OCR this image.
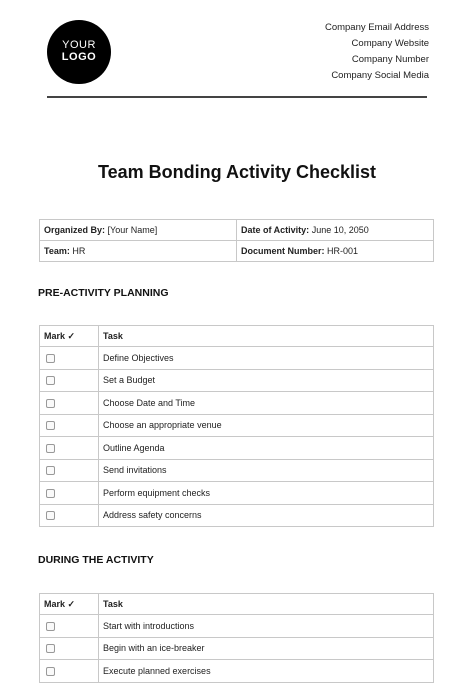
YOUR
LOGO
Company Email Address
Company Website
Company Number
Company Social Media
Team Bonding Activity Checklist
Organized By: [Your Name]	Date of Activity: June 10, 2050
Team: HR	Document Number: HR-001
PRE-ACTIVITY PLANNING
Mark ✓	Task
	Define Objectives
	Set a Budget
	Choose Date and Time
	Choose an appropriate venue
	Outline Agenda
	Send invitations
	Perform equipment checks
	Address safety concerns
DURING THE ACTIVITY
Mark ✓	Task
	Start with introductions
	Begin with an ice-breaker
	Execute planned exercises
